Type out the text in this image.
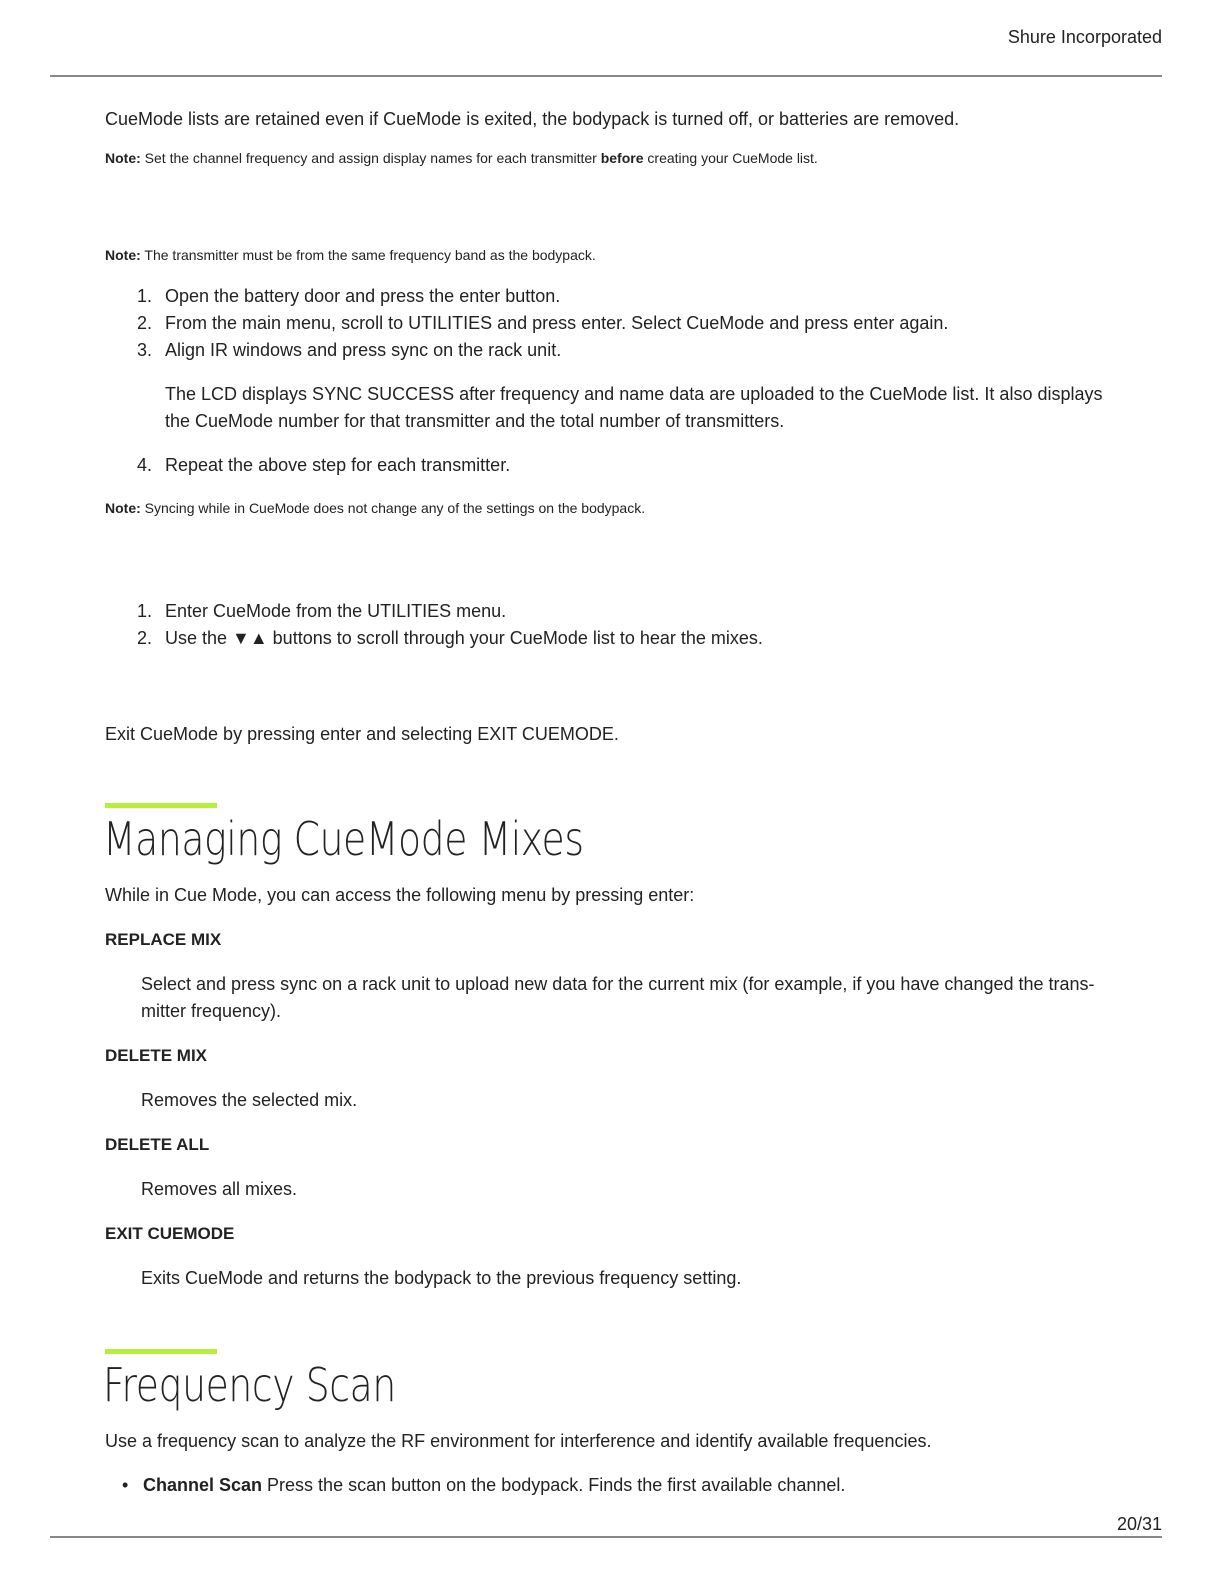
Shure Incorporated
CueMode lists are retained even if CueMode is exited, the bodypack is turned off, or batteries are removed.
Note: Set the channel frequency and assign display names for each transmitter before creating your CueMode list.
Note: The transmitter must be from the same frequency band as the bodypack.
1. Open the battery door and press the enter button.
2. From the main menu, scroll to UTILITIES and press enter. Select CueMode and press enter again.
3. Align IR windows and press sync on the rack unit.
The LCD displays SYNC SUCCESS after frequency and name data are uploaded to the CueMode list. It also displays
the CueMode number for that transmitter and the total number of transmitters.
4. Repeat the above step for each transmitter.
Note: Syncing while in CueMode does not change any of the settings on the bodypack.
1. Enter CueMode from the UTILITIES menu.
2. Use the ▼▲ buttons to scroll through your CueMode list to hear the mixes.
Exit CueMode by pressing enter and selecting EXIT CUEMODE.
Managing CueMode Mixes
While in Cue Mode, you can access the following menu by pressing enter:
REPLACE MIX
Select and press sync on a rack unit to upload new data for the current mix (for example, if you have changed the trans-
mitter frequency).
DELETE MIX
Removes the selected mix.
DELETE ALL
Removes all mixes.
EXIT CUEMODE
Exits CueMode and returns the bodypack to the previous frequency setting.
Frequency Scan
Use a frequency scan to analyze the RF environment for interference and identify available frequencies.
• Channel Scan Press the scan button on the bodypack. Finds the first available channel.
20/31
